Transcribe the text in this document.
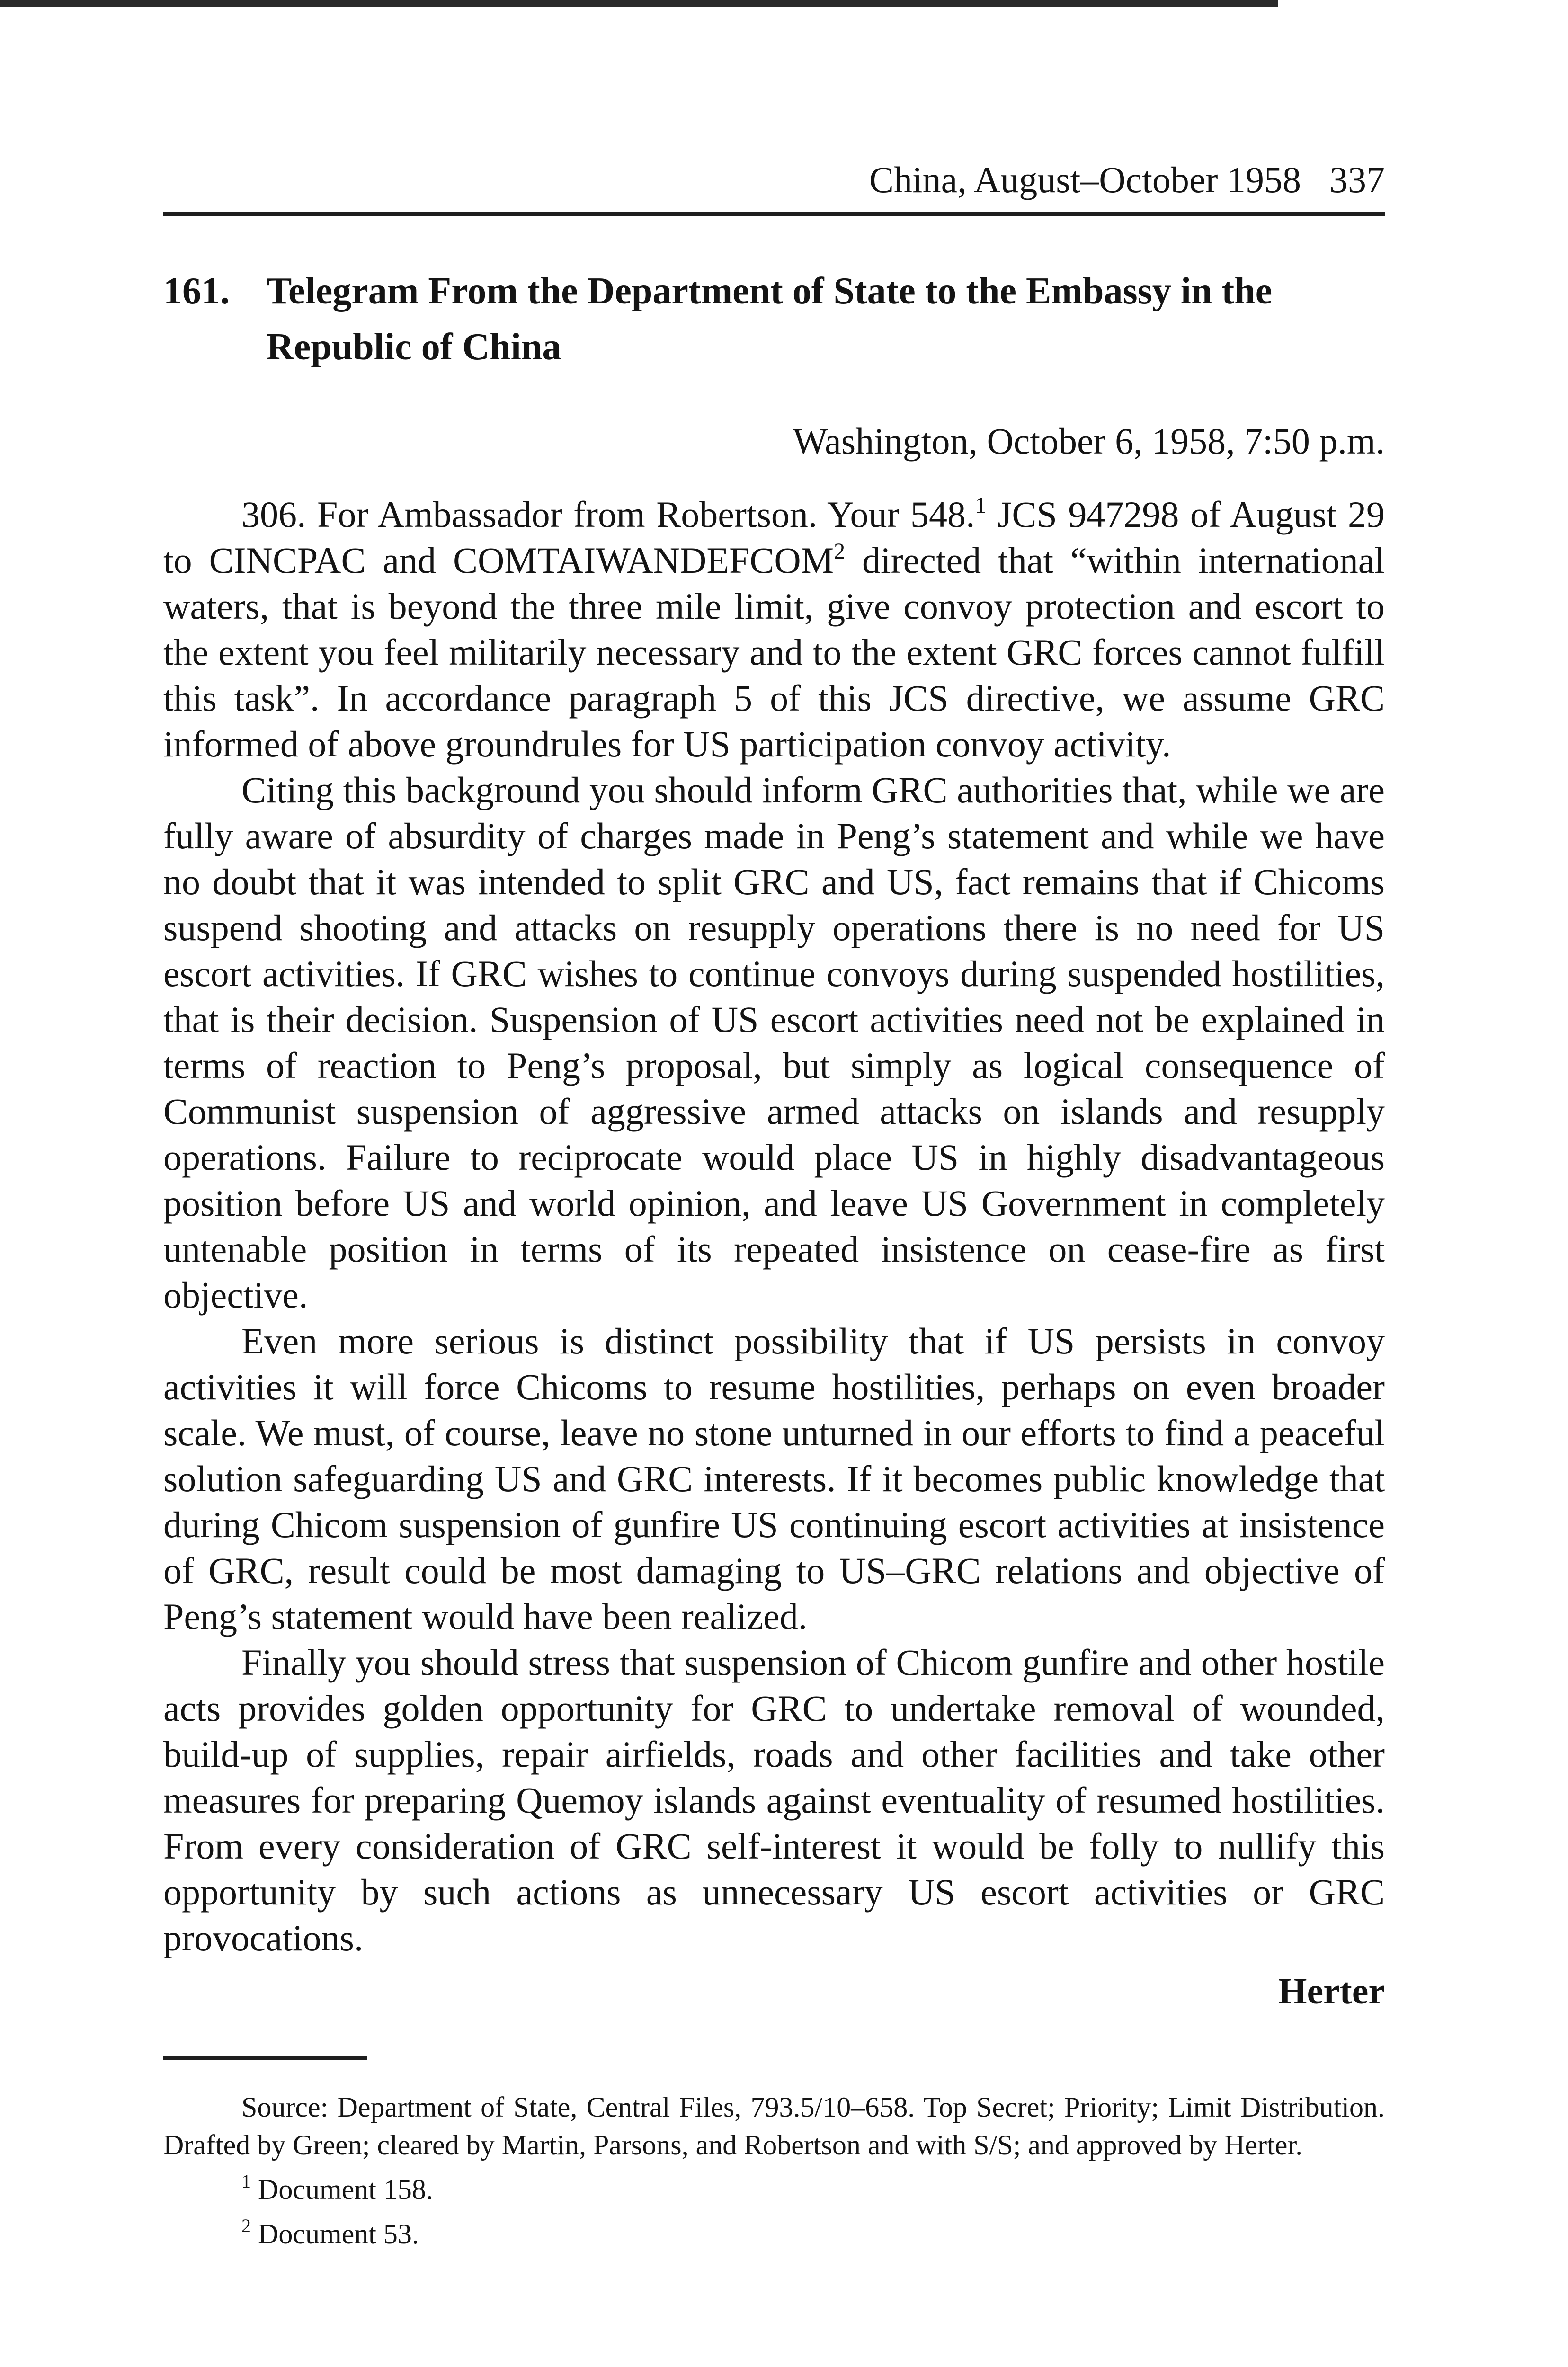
China, August–October 1958 337
161. Telegram From the Department of State to the Embassy in the Republic of China
Washington, October 6, 1958, 7:50 p.m.

306. For Ambassador from Robertson. Your 548.$^1$ JCS 947298 of August 29 to CINCPAC and COMTAIWANDEFCOM$^2$ directed that “within international waters, that is beyond the three mile limit, give convoy protection and escort to the extent you feel militarily necessary and to the extent GRC forces cannot fulfill this task”. In accordance paragraph 5 of this JCS directive, we assume GRC informed of above groundrules for US participation convoy activity.

Citing this background you should inform GRC authorities that, while we are fully aware of absurdity of charges made in Peng’s statement and while we have no doubt that it was intended to split GRC and US, fact remains that if Chicoms suspend shooting and attacks on resupply operations there is no need for US escort activities. If GRC wishes to continue convoys during suspended hostilities, that is their decision. Suspension of US escort activities need not be explained in terms of reaction to Peng’s proposal, but simply as logical consequence of Communist suspension of aggressive armed attacks on islands and resupply operations. Failure to reciprocate would place US in highly disadvantageous position before US and world opinion, and leave US Government in completely untenable position in terms of its repeated insistence on cease-fire as first objective.

Even more serious is distinct possibility that if US persists in convoy activities it will force Chicoms to resume hostilities, perhaps on even broader scale. We must, of course, leave no stone unturned in our efforts to find a peaceful solution safeguarding US and GRC interests. If it becomes public knowledge that during Chicom suspension of gunfire US continuing escort activities at insistence of GRC, result could be most damaging to US–GRC relations and objective of Peng’s statement would have been realized.

Finally you should stress that suspension of Chicom gunfire and other hostile acts provides golden opportunity for GRC to undertake removal of wounded, build-up of supplies, repair airfields, roads and other facilities and take other measures for preparing Quemoy islands against eventuality of resumed hostilities. From every consideration of GRC self-interest it would be folly to nullify this opportunity by such actions as unnecessary US escort activities or GRC provocations.

Herter

Source: Department of State, Central Files, 793.5/10–658. Top Secret; Priority; Limit Distribution. Drafted by Green; cleared by Martin, Parsons, and Robertson and with S/S; and approved by Herter.

$^1$ Document 158.

$^2$ Document 53.
